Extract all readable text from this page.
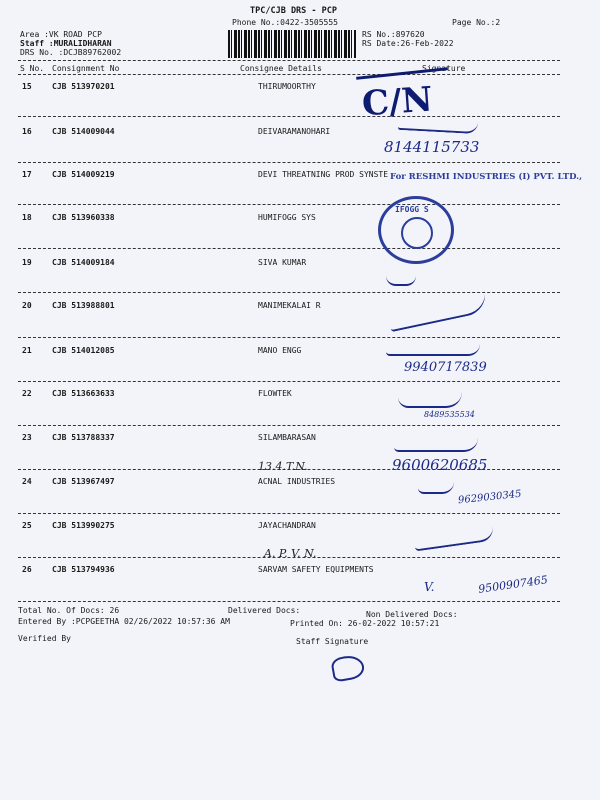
TPC/CJB DRS - PCP
Phone No.:0422-3505555	Page No.:2
Area :VK ROAD PCP
Staff :MURALIDHARAN
DRS No. :DCJB89762002
RS No.:897620
RS Date:26-Feb-2022
S No. Consignment No	Consignee Details	Signature
15	CJB 513970201	THIRUMOORTHY
16	CJB 514009044	DEIVARAMANOHARI
17	CJB 514009219	DEVI THREATNING PROD SYNSTE
18	CJB 513960338	HUMIFOGG SYS
19	CJB 514009184	SIVA KUMAR
20	CJB 513988801	MANIMEKALAI R
21	CJB 514012085	MANO ENGG
22	CJB 513663633	FLOWTEK
23	CJB 513788337	SILAMBARASAN
24	CJB 513967497	ACNAL INDUSTRIES
25	CJB 513990275	JAYACHANDRAN
26	CJB 513794936	SARVAM SAFETY EQUIPMENTS
C/N
8144115733
For RESHMI INDUSTRIES (I) PVT. LTD.,
IFOGG S
9940717839
8489535534
9600620685
13.4.T.N.
9629030345
A. P. V. N.
V.	9500907465
Total No. Of Docs: 26	Delivered Docs:
Entered By :PCPGEETHA 02/26/2022 10:57:36 AM
Non Delivered Docs:
Printed On: 26-02-2022 10:57:21
Verified By	Staff Signature
